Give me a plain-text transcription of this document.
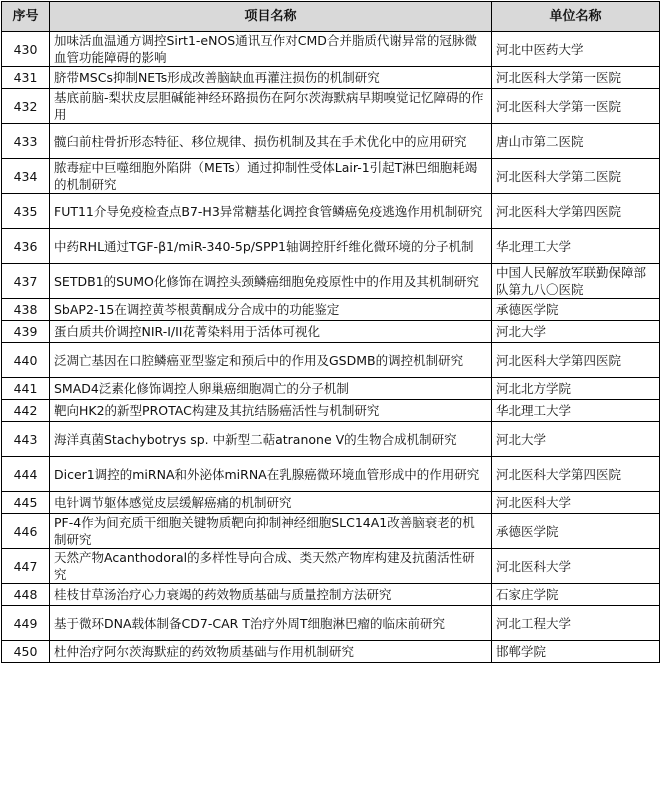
序号	项目名称	单位名称
430	加味活血温通方调控Sirt1-eNOS通讯互作对CMD合并脂质代谢异常的冠脉微血管功能障碍的影响	河北中医药大学
431	脐带MSCs抑制NETs形成改善脑缺血再灌注损伤的机制研究	河北医科大学第一医院
432	基底前脑-梨状皮层胆碱能神经环路损伤在阿尔茨海默病早期嗅觉记忆障碍的作用	河北医科大学第一医院
433	髋臼前柱骨折形态特征、移位规律、损伤机制及其在手术优化中的应用研究	唐山市第二医院
434	脓毒症中巨噬细胞外陷阱（METs）通过抑制性受体Lair-1引起T淋巴细胞耗竭的机制研究	河北医科大学第二医院
435	FUT11介导免疫检查点B7-H3异常糖基化调控食管鳞癌免疫逃逸作用机制研究	河北医科大学第四医院
436	中药RHL通过TGF-β1/miR-340-5p/SPP1轴调控肝纤维化微环境的分子机制	华北理工大学
437	SETDB1的SUMO化修饰在调控头颈鳞癌细胞免疫原性中的作用及其机制研究	中国人民解放军联勤保障部队第九八〇医院
438	SbAP2-15在调控黄芩根黄酮成分合成中的功能鉴定	承德医学院
439	蛋白质共价调控NIR-I/II花菁染料用于活体可视化	河北大学
440	泛凋亡基因在口腔鳞癌亚型鉴定和预后中的作用及GSDMB的调控机制研究	河北医科大学第四医院
441	SMAD4泛素化修饰调控人卵巢癌细胞凋亡的分子机制	河北北方学院
442	靶向HK2的新型PROTAC构建及其抗结肠癌活性与机制研究	华北理工大学
443	海洋真菌Stachybotrys sp. 中新型二萜atranone V的生物合成机制研究	河北大学
444	Dicer1调控的miRNA和外泌体miRNA在乳腺癌微环境血管形成中的作用研究	河北医科大学第四医院
445	电针调节躯体感觉皮层缓解癌痛的机制研究	河北医科大学
446	PF-4作为间充质干细胞关键物质靶向抑制神经细胞SLC14A1改善脑衰老的机制研究	承德医学院
447	天然产物Acanthodoral的多样性导向合成、类天然产物库构建及抗菌活性研究	河北医科大学
448	桂枝甘草汤治疗心力衰竭的药效物质基础与质量控制方法研究	石家庄学院
449	基于微环DNA载体制备CD7-CAR T治疗外周T细胞淋巴瘤的临床前研究	河北工程大学
450	杜仲治疗阿尔茨海默症的药效物质基础与作用机制研究	邯郸学院
